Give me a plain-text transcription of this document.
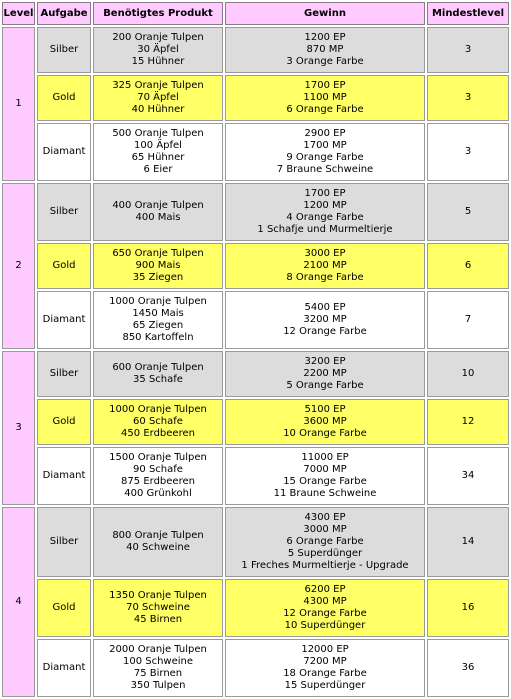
Level	Aufgabe	Benötigtes Produkt	Gewinn	Mindestlevel
1	Silber	200 Oranje Tulpen
30 Äpfel
15 Hühner	1200 EP
870 MP
3 Orange Farbe	3
	Gold	325 Oranje Tulpen
70 Äpfel
40 Hühner	1700 EP
1100 MP
6 Orange Farbe	3
	Diamant	500 Oranje Tulpen
100 Äpfel
65 Hühner
6 Eier	2900 EP
1700 MP
9 Orange Farbe
7 Braune Schweine	3
2	Silber	400 Oranje Tulpen
400 Mais	1700 EP
1200 MP
4 Orange Farbe
1 Schafje und Murmeltierje	5
	Gold	650 Oranje Tulpen
900 Mais
35 Ziegen	3000 EP
2100 MP
8 Orange Farbe	6
	Diamant	1000 Oranje Tulpen
1450 Mais
65 Ziegen
850 Kartoffeln	5400 EP
3200 MP
12 Orange Farbe	7
3	Silber	600 Oranje Tulpen
35 Schafe	3200 EP
2200 MP
5 Orange Farbe	10
	Gold	1000 Oranje Tulpen
60 Schafe
450 Erdbeeren	5100 EP
3600 MP
10 Orange Farbe	12
	Diamant	1500 Oranje Tulpen
90 Schafe
875 Erdbeeren
400 Grünkohl	11000 EP
7000 MP
15 Orange Farbe
11 Braune Schweine	34
4	Silber	800 Oranje Tulpen
40 Schweine	4300 EP
3000 MP
6 Orange Farbe
5 Superdünger
1 Freches Murmeltierje - Upgrade	14
	Gold	1350 Oranje Tulpen
70 Schweine
45 Birnen	6200 EP
4300 MP
12 Orange Farbe
10 Superdünger	16
	Diamant	2000 Oranje Tulpen
100 Schweine
75 Birnen
350 Tulpen	12000 EP
7200 MP
18 Orange Farbe
15 Superdünger	36
